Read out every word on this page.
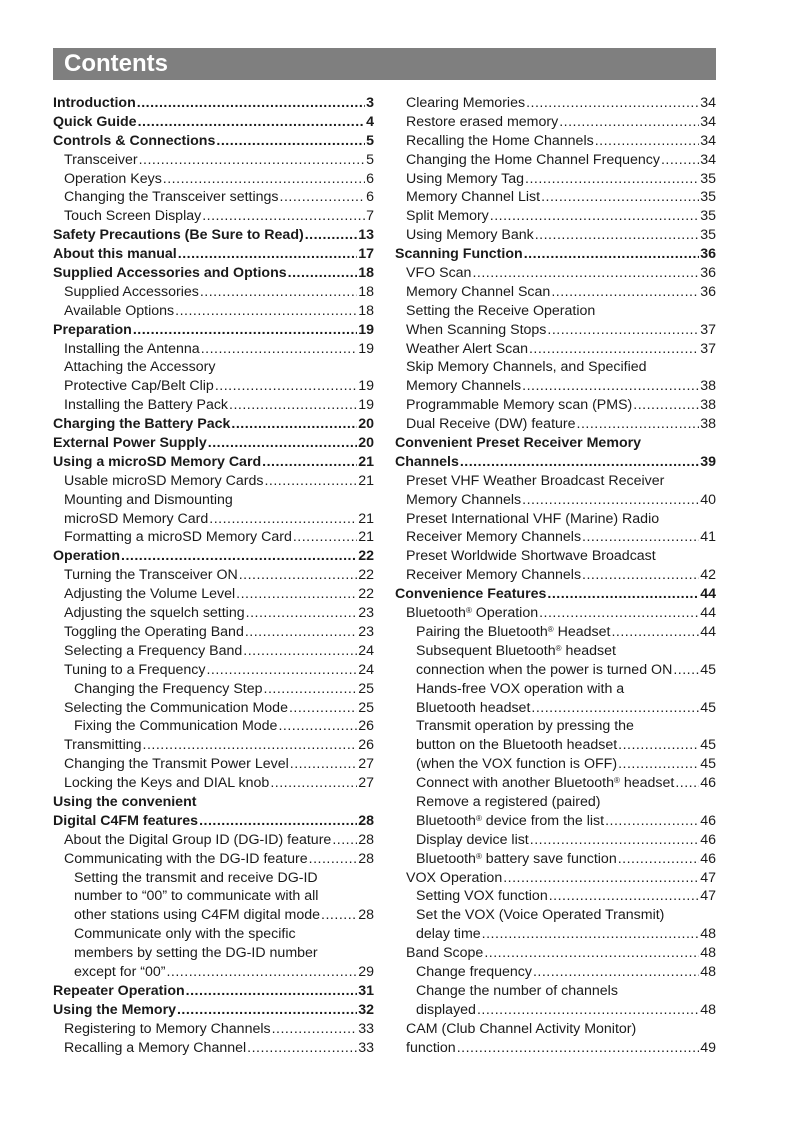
Contents
Introduction .....	3
Quick Guide .....	4
Controls & Connections .....	5
Transceiver .....	5
Operation Keys .....	6
Changing the Transceiver settings .....	6
Touch Screen Display .....	7
Safety Precautions (Be Sure to Read) .....	13
About this manual .....	17
Supplied Accessories and Options .....	18
Supplied Accessories .....	18
Available Options .....	18
Preparation .....	19
Installing the Antenna .....	19
Attaching the Accessory
Protective Cap/Belt Clip .....	19
Installing the Battery Pack .....	19
Charging the Battery Pack .....	20
External Power Supply .....	20
Using a microSD Memory Card .....	21
Usable microSD Memory Cards .....	21
Mounting and Dismounting
microSD Memory Card .....	21
Formatting a microSD Memory Card .....	21
Operation .....	22
Turning the Transceiver ON .....	22
Adjusting the Volume Level .....	22
Adjusting the squelch setting .....	23
Toggling the Operating Band .....	23
Selecting a Frequency Band .....	24
Tuning to a Frequency .....	24
Changing the Frequency Step .....	25
Selecting the Communication Mode .....	25
Fixing the Communication Mode .....	26
Transmitting .....	26
Changing the Transmit Power Level .....	27
Locking the Keys and DIAL knob .....	27
Using the convenient
Digital C4FM features .....	28
About the Digital Group ID (DG-ID) feature ..... 28
Communicating with the DG-ID feature .....	28
Setting the transmit and receive DG-ID
number to “00” to communicate with all
other stations using C4FM digital mode .....	28
Communicate only with the specific
members by setting the DG-ID number
except for “00” .....	29
Repeater Operation .....	31
Using the Memory .....	32
Registering to Memory Channels .....	33
Recalling a Memory Channel .....	33
Clearing Memories .....	34
Restore erased memory .....	34
Recalling the Home Channels .....	34
Changing the Home Channel Frequency .....	34
Using Memory Tag .....	35
Memory Channel List .....	35
Split Memory .....	35
Using Memory Bank .....	35
Scanning Function .....	36
VFO Scan .....	36
Memory Channel Scan .....	36
Setting the Receive Operation
When Scanning Stops .....	37
Weather Alert Scan .....	37
Skip Memory Channels, and Specified
Memory Channels .....	38
Programmable Memory scan (PMS) .....	38
Dual Receive (DW) feature .....	38
Convenient Preset Receiver Memory
Channels .....	39
Preset VHF Weather Broadcast Receiver
Memory Channels .....	40
Preset International VHF (Marine) Radio
Receiver Memory Channels .....	41
Preset Worldwide Shortwave Broadcast
Receiver Memory Channels .....	42
Convenience Features .....	44
Bluetooth® Operation .....	44
Pairing the Bluetooth® Headset .....	44
Subsequent Bluetooth® headset
connection when the power is turned ON ..... 45
Hands-free VOX operation with a
Bluetooth headset .....	45
Transmit operation by pressing the
button on the Bluetooth headset .....	45
(when the VOX function is OFF) .....	45
Connect with another Bluetooth® headset ..... 46
Remove a registered (paired)
Bluetooth® device from the list .....	46
Display device list .....	46
Bluetooth® battery save function .....	46
VOX Operation .....	47
Setting VOX function .....	47
Set the VOX (Voice Operated Transmit)
delay time .....	48
Band Scope .....	48
Change frequency .....	48
Change the number of channels
displayed .....	48
CAM (Club Channel Activity Monitor)
function .....	49
